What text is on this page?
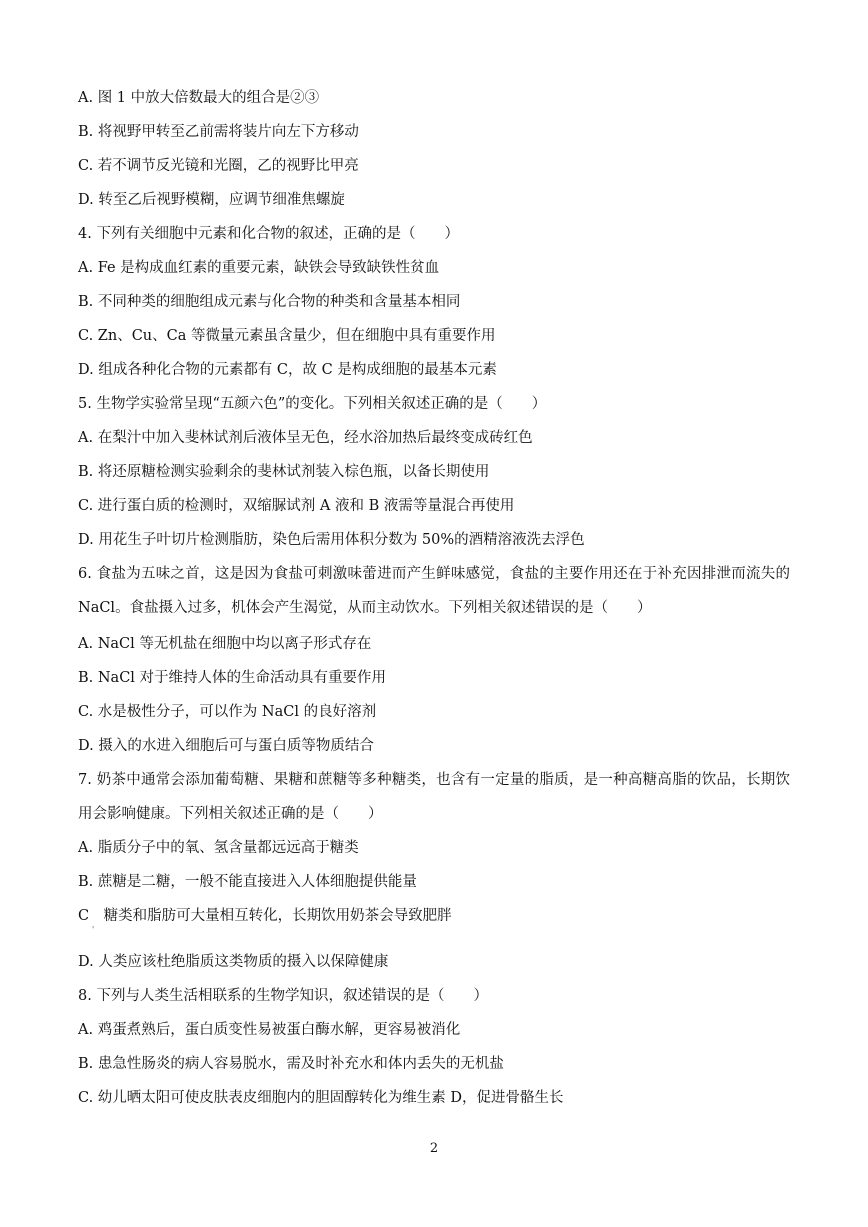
A. 图 1 中放大倍数最大的组合是②③
B. 将视野甲转至乙前需将装片向左下方移动
C. 若不调节反光镜和光圈，乙的视野比甲亮
D. 转至乙后视野模糊，应调节细准焦螺旋
4. 下列有关细胞中元素和化合物的叙述，正确的是（　　）
A. Fe 是构成血红素的重要元素，缺铁会导致缺铁性贫血
B. 不同种类的细胞组成元素与化合物的种类和含量基本相同
C. Zn、Cu、Ca 等微量元素虽含量少，但在细胞中具有重要作用
D. 组成各种化合物的元素都有 C，故 C 是构成细胞的最基本元素
5. 生物学实验常呈现“五颜六色”的变化。下列相关叙述正确的是（　　）
A. 在梨汁中加入斐林试剂后液体呈无色，经水浴加热后最终变成砖红色
B. 将还原糖检测实验剩余的斐林试剂装入棕色瓶，以备长期使用
C. 进行蛋白质的检测时，双缩脲试剂 A 液和 B 液需等量混合再使用
D. 用花生子叶切片检测脂肪，染色后需用体积分数为 50%的酒精溶液洗去浮色
6. 食盐为五味之首，这是因为食盐可刺激味蕾进而产生鲜味感觉，食盐的主要作用还在于补充因排泄而流失的 NaCl。食盐摄入过多，机体会产生渴觉，从而主动饮水。下列相关叙述错误的是（　　）
A. NaCl 等无机盐在细胞中均以离子形式存在
B. NaCl 对于维持人体的生命活动具有重要作用
C. 水是极性分子，可以作为 NaCl 的良好溶剂
D. 摄入的水进入细胞后可与蛋白质等物质结合
7. 奶茶中通常会添加葡萄糖、果糖和蔗糖等多种糖类，也含有一定量的脂质，是一种高糖高脂的饮品，长期饮用会影响健康。下列相关叙述正确的是（　　）
A. 脂质分子中的氧、氢含量都远远高于糖类
B. 蔗糖是二糖，一般不能直接进入人体细胞提供能量
C　糖类和脂肪可大量相互转化，长期饮用奶茶会导致肥胖
'
D. 人类应该杜绝脂质这类物质的摄入以保障健康
8. 下列与人类生活相联系的生物学知识，叙述错误的是（　　）
A. 鸡蛋煮熟后，蛋白质变性易被蛋白酶水解，更容易被消化
B. 患急性肠炎的病人容易脱水，需及时补充水和体内丢失的无机盐
C. 幼儿晒太阳可使皮肤表皮细胞内的胆固醇转化为维生素 D，促进骨骼生长
2
